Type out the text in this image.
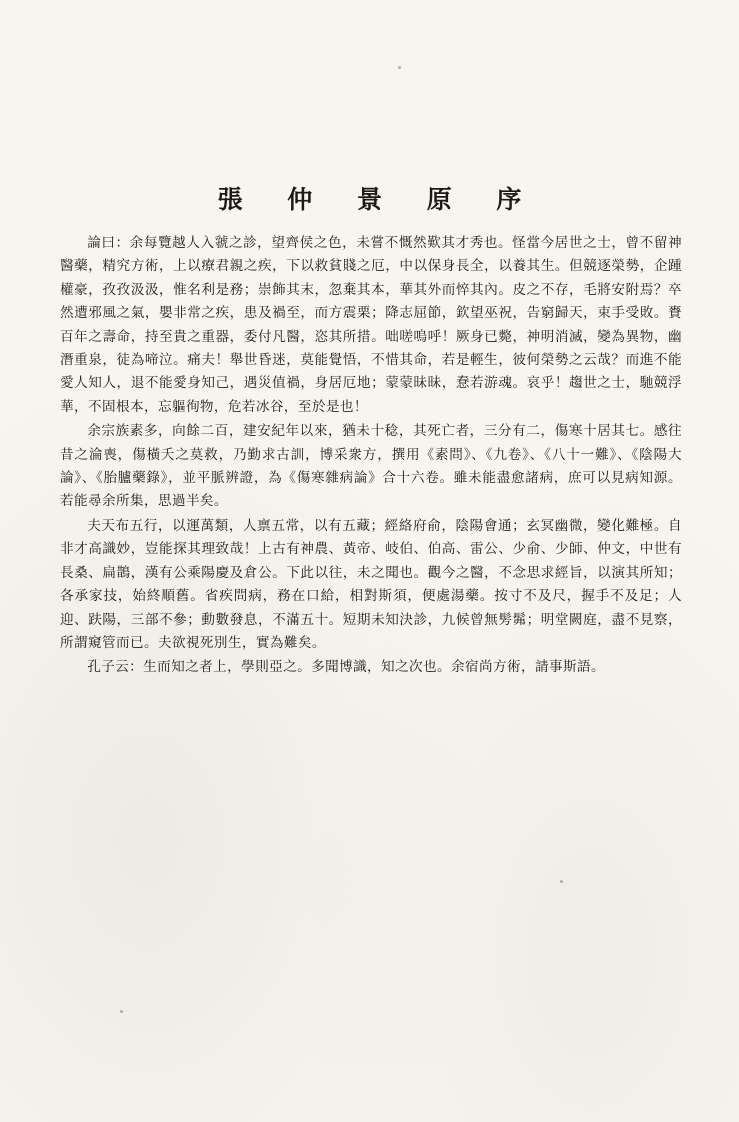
張 仲 景 原 序

論曰：余每覽越人入虢之診，望齊侯之色，未嘗不慨然歎其才秀也。怪當今居世之士，曾不留神醫藥，精究方術，上以療君親之疾，下以救貧賤之厄，中以保身長全，以養其生。但競逐榮勢，企踵權豪，孜孜汲汲，惟名利是務；崇飾其末，忽棄其本，華其外而悴其內。皮之不存，毛將安附焉？卒然遭邪風之氣，嬰非常之疾，患及禍至，而方震栗；降志屈節，欽望巫祝，告窮歸天，束手受敗。賚百年之壽命，持至貴之重器，委付凡醫，恣其所措。咄嗟嗚呼！厥身已斃，神明消滅，變為異物，幽潛重泉，徒為啼泣。痛夫！舉世昏迷，莫能覺悟，不惜其命，若是輕生，彼何榮勢之云哉？而進不能愛人知人，退不能愛身知己，遇災值禍，身居厄地；蒙蒙昧昧，惷若游魂。哀乎！趨世之士，馳競浮華，不固根本，忘軀徇物，危若冰谷，至於是也！

余宗族素多，向餘二百，建安紀年以來，猶未十稔，其死亡者，三分有二，傷寒十居其七。感往昔之淪喪，傷橫夭之莫救，乃勤求古訓，博采衆方，撰用《素問》、《九卷》、《八十一難》、《陰陽大論》、《胎臚藥錄》，並平脈辨證，為《傷寒雜病論》合十六卷。雖未能盡愈諸病，庶可以見病知源。若能尋余所集，思過半矣。

夫天布五行，以運萬類，人禀五常，以有五藏；經絡府俞，陰陽會通；玄冥幽微，變化難極。自非才高識妙，豈能探其理致哉！上古有神農、黃帝、岐伯、伯高、雷公、少俞、少師、仲文，中世有長桑、扁鵲，漢有公乘陽慶及倉公。下此以往，未之聞也。觀今之醫，不念思求經旨，以演其所知；各承家技，始終順舊。省疾問病，務在口給，相對斯須，便處湯藥。按寸不及尺，握手不及足；人迎、趺陽，三部不參；動數發息，不滿五十。短期未知決診，九候曾無髣髴；明堂闕庭，盡不見察，所謂窺管而已。夫欲視死別生，實為難矣。

孔子云：生而知之者上，學則亞之。多聞博識，知之次也。余宿尚方術，請事斯語。
